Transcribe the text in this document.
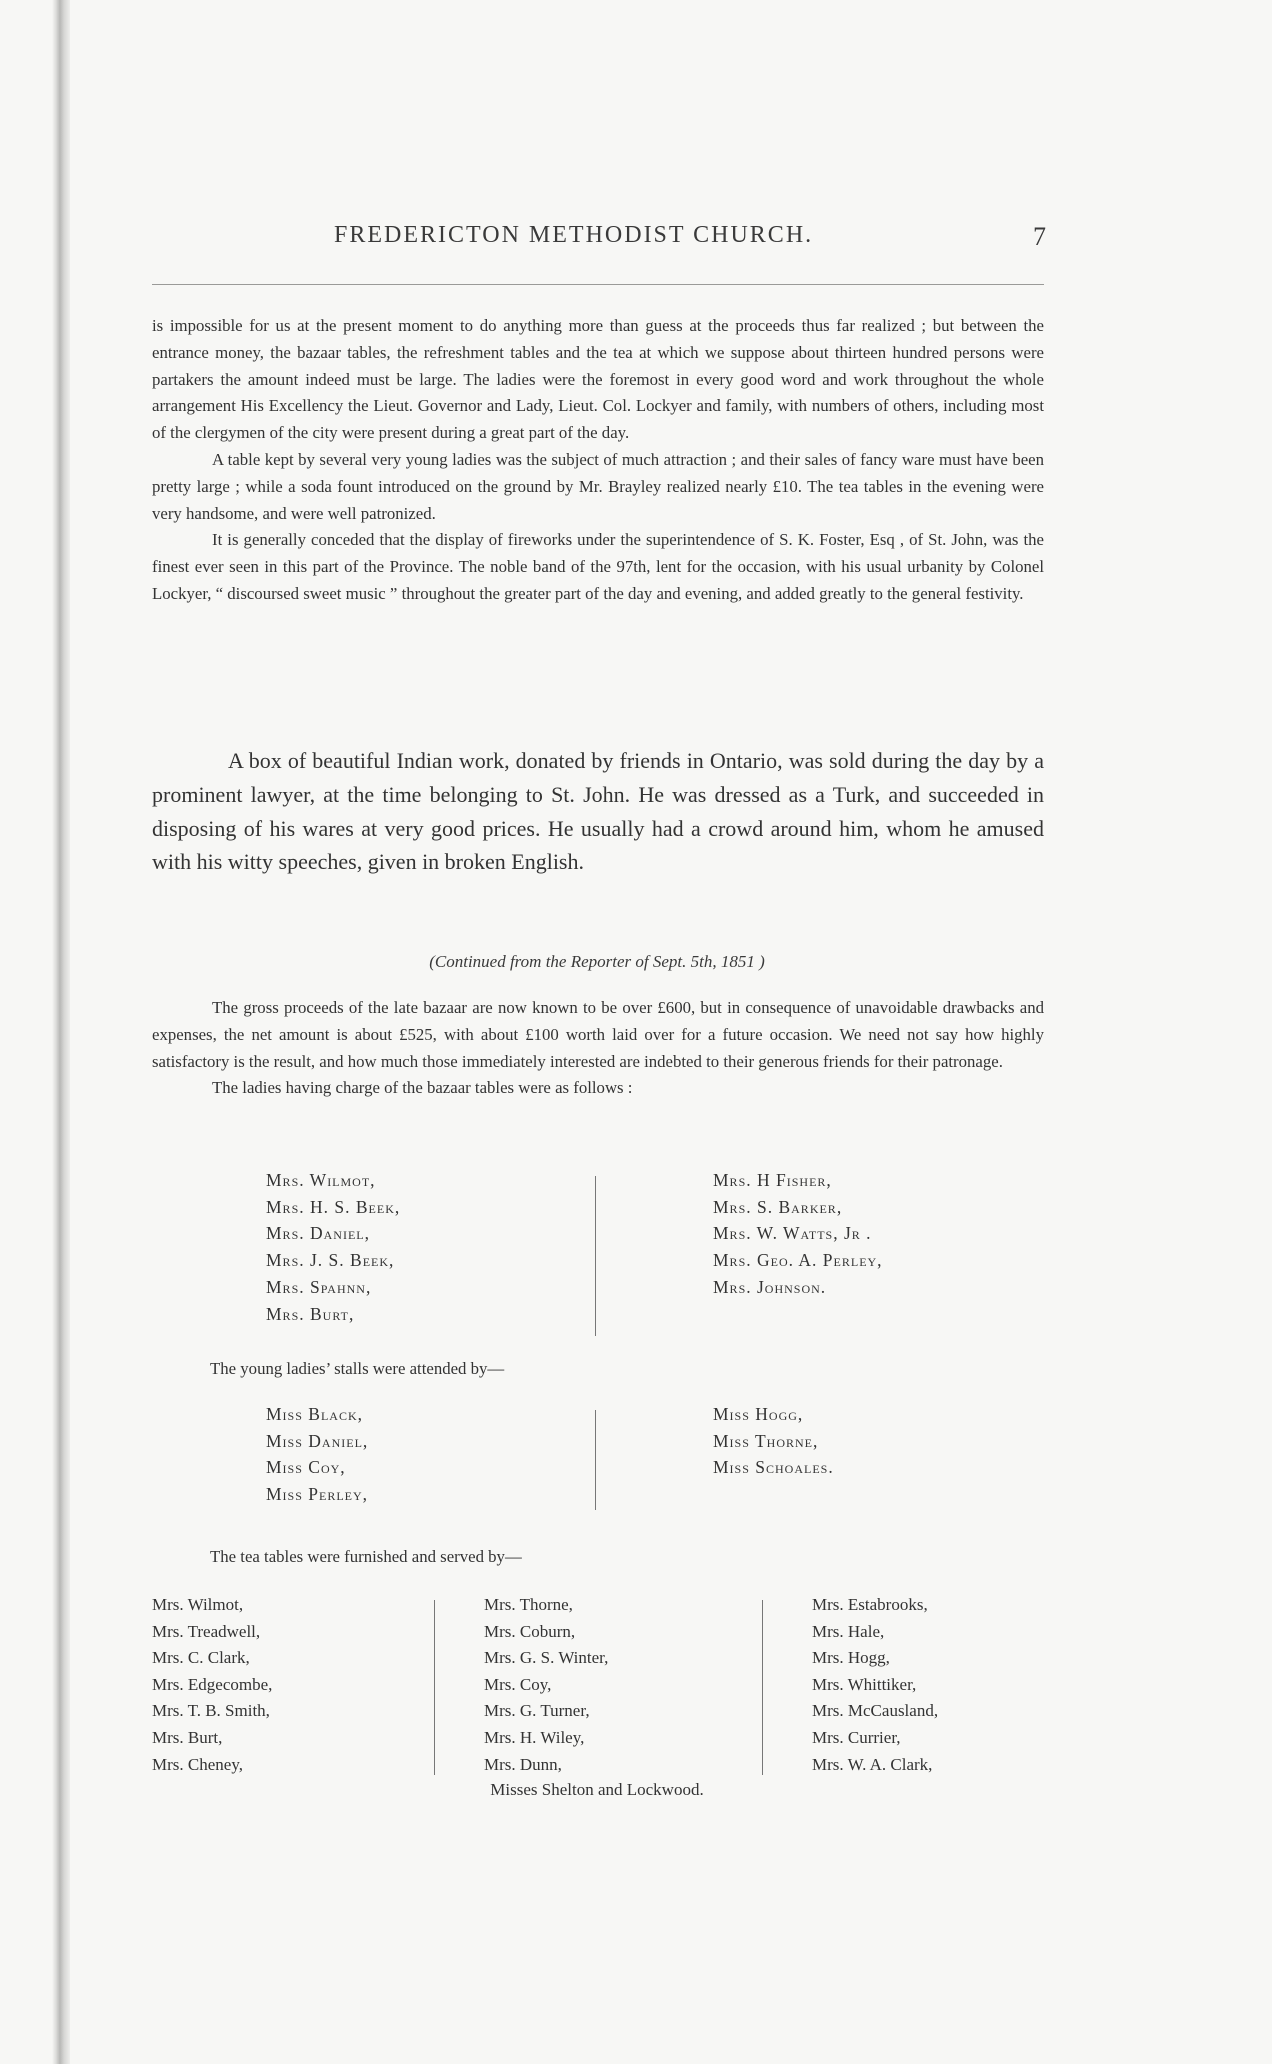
FREDERICTON METHODIST CHURCH.	7

is impossible for us at the present moment to do anything more than guess at the proceeds thus far realized ; but between the entrance money, the bazaar tables, the refreshment tables and the tea at which we suppose about thirteen hundred persons were partakers the amount indeed must be large. The ladies were the foremost in every good word and work throughout the whole arrangement His Excellency the Lieut. Governor and Lady, Lieut. Col. Lockyer and family, with numbers of others, including most of the clergymen of the city were present during a great part of the day.

A table kept by several very young ladies was the subject of much attraction ; and their sales of fancy ware must have been pretty large ; while a soda fount introduced on the ground by Mr. Brayley realized nearly £10. The tea tables in the evening were very handsome, and were well patronized.

It is generally conceded that the display of fireworks under the superintendence of S. K. Foster, Esq , of St. John, was the finest ever seen in this part of the Province. The noble band of the 97th, lent for the occasion, with his usual urbanity by Colonel Lockyer, “ discoursed sweet music ” throughout the greater part of the day and evening, and added greatly to the general festivity.

A box of beautiful Indian work, donated by friends in Ontario, was sold during the day by a prominent lawyer, at the time belonging to St. John. He was dressed as a Turk, and succeeded in disposing of his wares at very good prices. He usually had a crowd around him, whom he amused with his witty speeches, given in broken English.

(Continued from the Reporter of Sept. 5th, 1851 )

The gross proceeds of the late bazaar are now known to be over £600, but in consequence of unavoidable drawbacks and expenses, the net amount is about £525, with about £100 worth laid over for a future occasion. We need not say how highly satisfactory is the result, and how much those immediately interested are indebted to their generous friends for their patronage.

The ladies having charge of the bazaar tables were as follows :

Mrs. Wilmot,
Mrs. H. S. Beek,
Mrs. Daniel,
Mrs. J. S. Beek,
Mrs. Spahnn,
Mrs. Burt,
Mrs. H Fisher,
Mrs. S. Barker,
Mrs. W. Watts, Jr .
Mrs. Geo. A. Perley,
Mrs. Johnson.
The young ladies’ stalls were attended by—
Miss Black,
Miss Daniel,
Miss Coy,
Miss Perley,
Miss Hogg,
Miss Thorne,
Miss Schoales.
The tea tables were furnished and served by—
Mrs. Wilmot,
Mrs. Treadwell,
Mrs. C. Clark,
Mrs. Edgecombe,
Mrs. T. B. Smith,
Mrs. Burt,
Mrs. Cheney,
Mrs. Thorne,
Mrs. Coburn,
Mrs. G. S. Winter,
Mrs. Coy,
Mrs. G. Turner,
Mrs. H. Wiley,
Mrs. Dunn,
Mrs. Estabrooks,
Mrs. Hale,
Mrs. Hogg,
Mrs. Whittiker,
Mrs. McCausland,
Mrs. Currier,
Mrs. W. A. Clark,
Misses Shelton and Lockwood.
